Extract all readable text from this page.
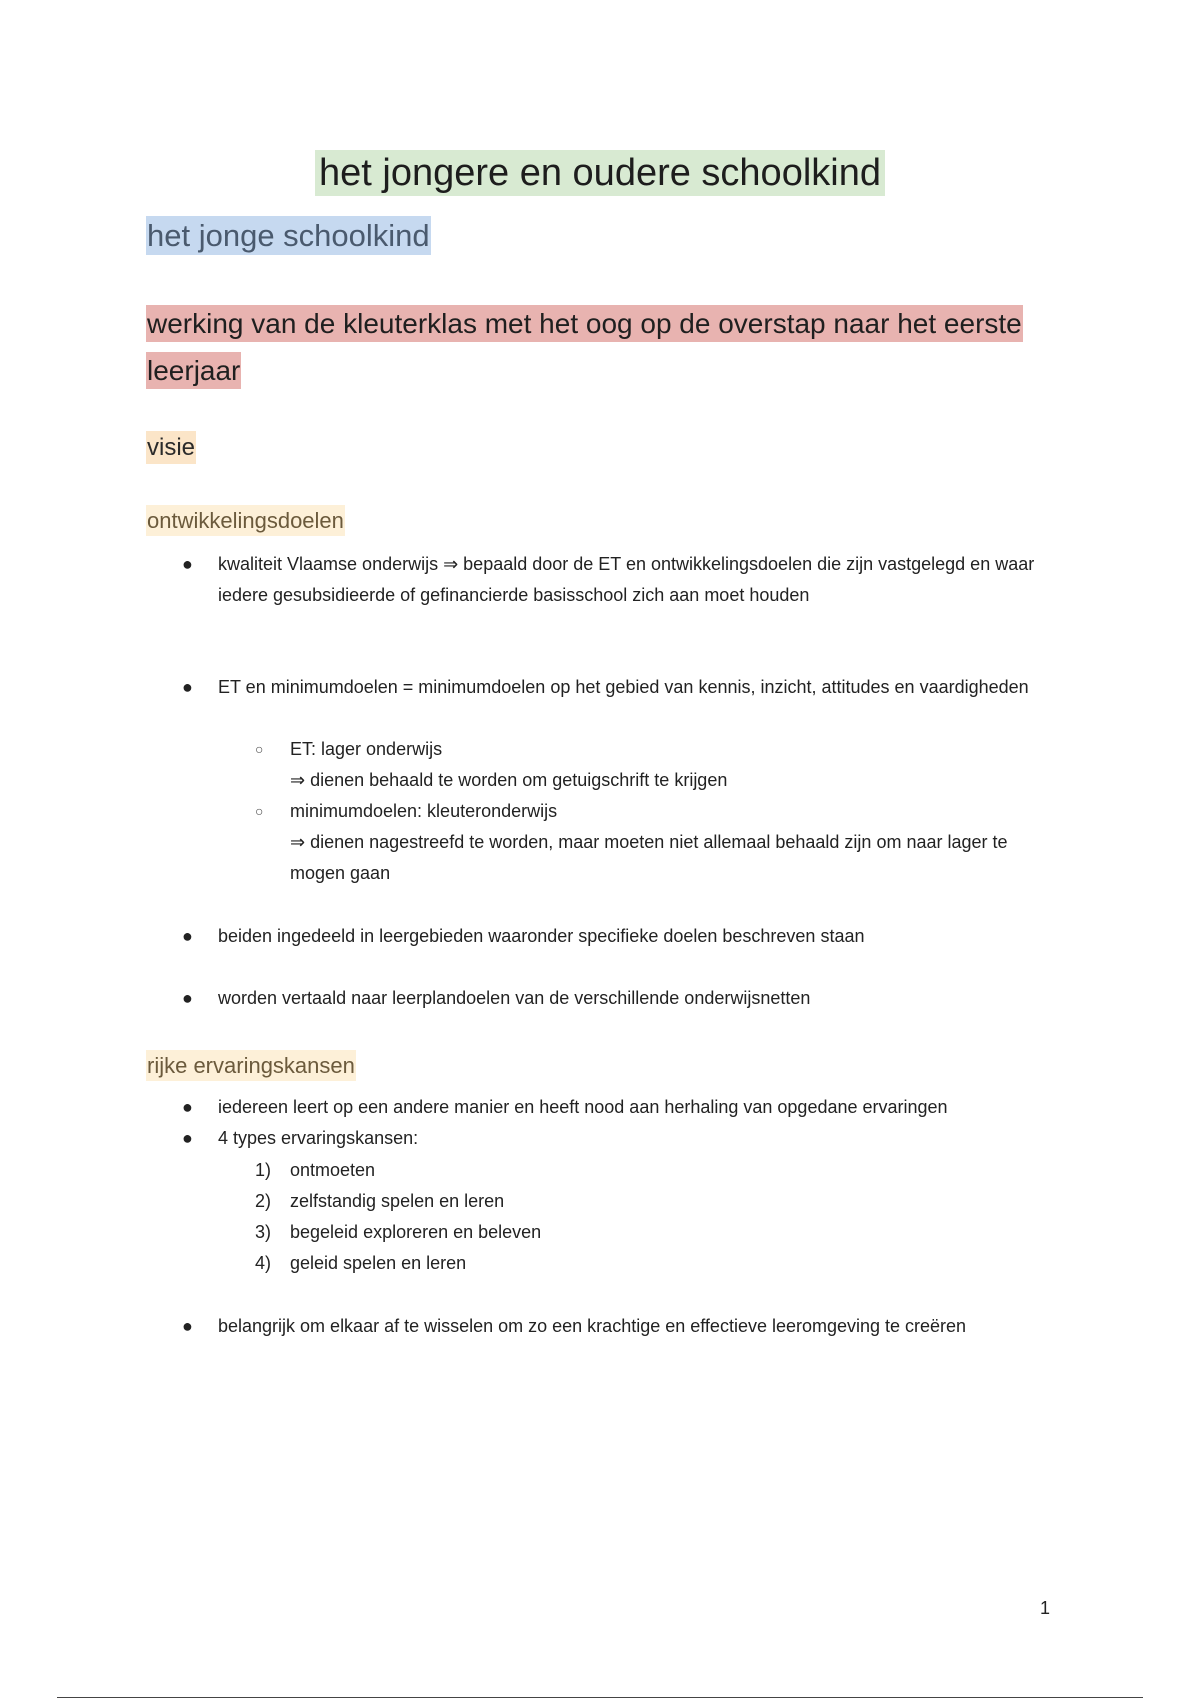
het jongere en oudere schoolkind
het jonge schoolkind
werking van de kleuterklas met het oog op de overstap naar het eerste leerjaar
visie
ontwikkelingsdoelen
● kwaliteit Vlaamse onderwijs ⇒ bepaald door de ET en ontwikkelingsdoelen die zijn vastgelegd en waar iedere gesubsidieerde of gefinancierde basisschool zich aan moet houden
● ET en minimumdoelen = minimumdoelen op het gebied van kennis, inzicht, attitudes en vaardigheden
○ ET: lager onderwijs
⇒ dienen behaald te worden om getuigschrift te krijgen
○ minimumdoelen: kleuteronderwijs
⇒ dienen nagestreefd te worden, maar moeten niet allemaal behaald zijn om naar lager te mogen gaan
● beiden ingedeeld in leergebieden waaronder specifieke doelen beschreven staan
● worden vertaald naar leerplandoelen van de verschillende onderwijsnetten
rijke ervaringskansen
● iedereen leert op een andere manier en heeft nood aan herhaling van opgedane ervaringen
● 4 types ervaringskansen:
1) ontmoeten
2) zelfstandig spelen en leren
3) begeleid exploreren en beleven
4) geleid spelen en leren
● belangrijk om elkaar af te wisselen om zo een krachtige en effectieve leeromgeving te creëren
1
